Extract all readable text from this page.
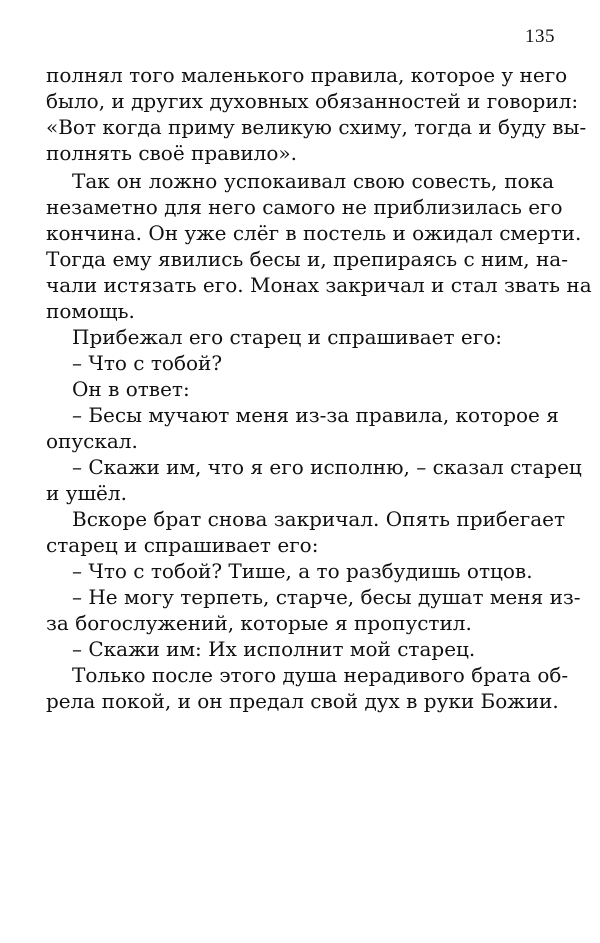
135
полнял того маленького правила, которое у него
было, и других духовных обязанностей и говорил:
«Вот когда приму великую схиму, тогда и буду вы-
полнять своё правило».
Так он ложно успокаивал свою совесть, пока
незаметно для него самого не приблизилась его
кончина. Он уже слёг в постель и ожидал смерти.
Тогда ему явились бесы и, препираясь с ним, на-
чали истязать его. Монах закричал и стал звать на
помощь.
Прибежал его старец и спрашивает его:
– Что с тобой?
Он в ответ:
– Бесы мучают меня из-за правила, которое я
опускал.
– Скажи им, что я его исполню, – сказал старец
и ушёл.
Вскоре брат снова закричал. Опять прибегает
старец и спрашивает его:
– Что с тобой? Тише, а то разбудишь отцов.
– Не могу терпеть, старче, бесы душат меня из-
за богослужений, которые я пропустил.
– Скажи им: Их исполнит мой старец.
Только после этого душа нерадивого брата об-
рела покой, и он предал свой дух в руки Божии.
